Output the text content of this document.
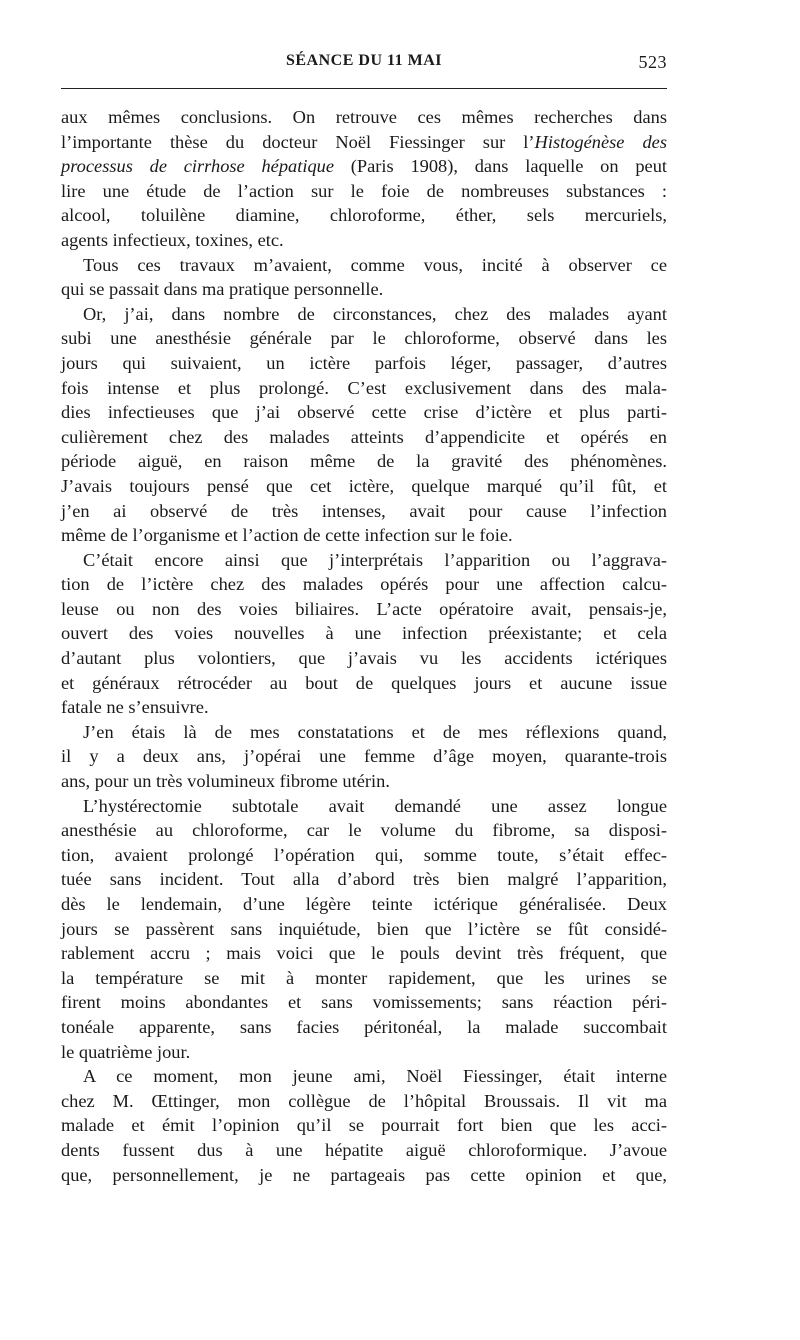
SÉANCE DU 11 MAI	523
aux mêmes conclusions. On retrouve ces mêmes recherches dans
l’importante thèse du docteur Noël Fiessinger sur l’Histogénèse des
processus de cirrhose hépatique (Paris 1908), dans laquelle on peut
lire une étude de l’action sur le foie de nombreuses substances :
alcool, toluilène diamine, chloroforme, éther, sels mercuriels,
agents infectieux, toxines, etc.
Tous ces travaux m’avaient, comme vous, incité à observer ce
qui se passait dans ma pratique personnelle.
Or, j’ai, dans nombre de circonstances, chez des malades ayant
subi une anesthésie générale par le chloroforme, observé dans les
jours qui suivaient, un ictère parfois léger, passager, d’autres
fois intense et plus prolongé. C’est exclusivement dans des mala-
dies infectieuses que j’ai observé cette crise d’ictère et plus parti-
culièrement chez des malades atteints d’appendicite et opérés en
période aiguë, en raison même de la gravité des phénomènes.
J’avais toujours pensé que cet ictère, quelque marqué qu’il fût, et
j’en ai observé de très intenses, avait pour cause l’infection
même de l’organisme et l’action de cette infection sur le foie.
C’était encore ainsi que j’interprétais l’apparition ou l’aggrava-
tion de l’ictère chez des malades opérés pour une affection calcu-
leuse ou non des voies biliaires. L’acte opératoire avait, pensais-je,
ouvert des voies nouvelles à une infection préexistante; et cela
d’autant plus volontiers, que j’avais vu les accidents ictériques
et généraux rétrocéder au bout de quelques jours et aucune issue
fatale ne s’ensuivre.
J’en étais là de mes constatations et de mes réflexions quand,
il y a deux ans, j’opérai une femme d’âge moyen, quarante-trois
ans, pour un très volumineux fibrome utérin.
L’hystérectomie subtotale avait demandé une assez longue
anesthésie au chloroforme, car le volume du fibrome, sa disposi-
tion, avaient prolongé l’opération qui, somme toute, s’était effec-
tuée sans incident. Tout alla d’abord très bien malgré l’apparition,
dès le lendemain, d’une légère teinte ictérique généralisée. Deux
jours se passèrent sans inquiétude, bien que l’ictère se fût considé-
rablement accru ; mais voici que le pouls devint très fréquent, que
la température se mit à monter rapidement, que les urines se
firent moins abondantes et sans vomissements; sans réaction péri-
tonéale apparente, sans facies péritonéal, la malade succombait
le quatrième jour.
A ce moment, mon jeune ami, Noël Fiessinger, était interne
chez M. Œttinger, mon collègue de l’hôpital Broussais. Il vit ma
malade et émit l’opinion qu’il se pourrait fort bien que les acci-
dents fussent dus à une hépatite aiguë chloroformique. J’avoue
que, personnellement, je ne partageais pas cette opinion et que,
